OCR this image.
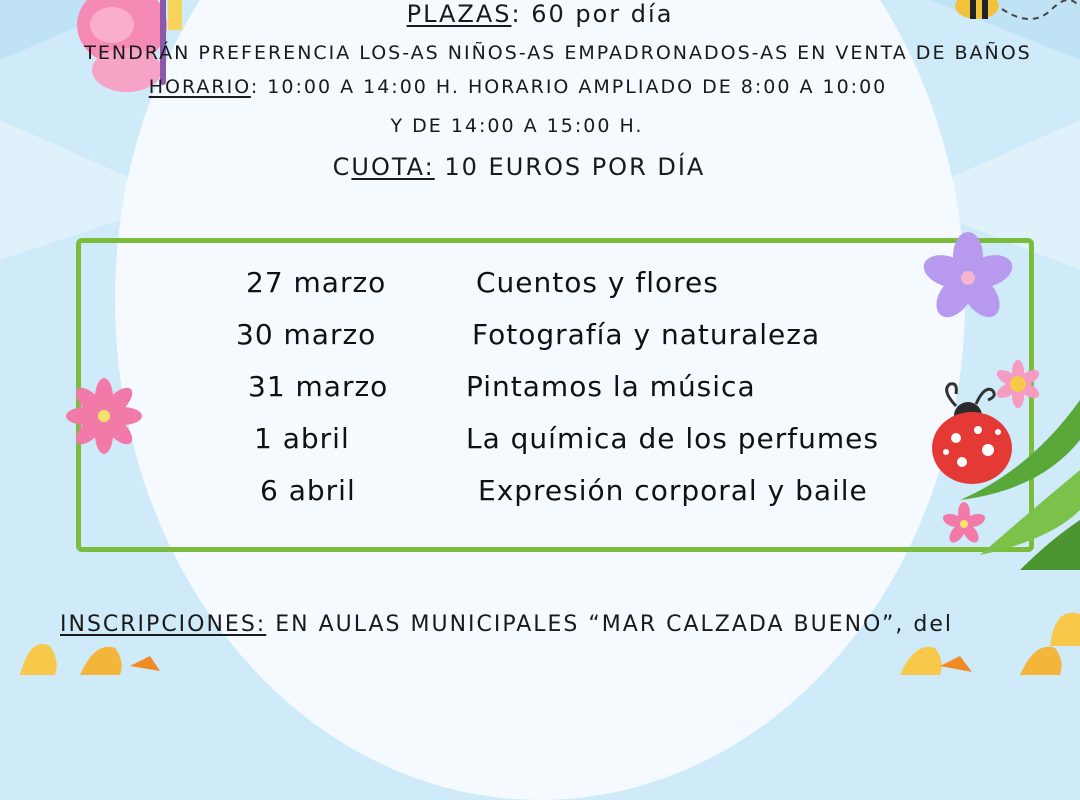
PLAZAS: 60 por día
TENDRÁN PREFERENCIA LOS-AS NIÑOS-AS EMPADRONADOS-AS EN VENTA DE BAÑOS
HORARIO: 10:00 A 14:00 H. HORARIO AMPLIADO DE 8:00 A 10:00
Y DE 14:00 A 15:00 H.
CUOTA: 10 EUROS POR DÍA
27 marzo	Cuentos y flores
30 marzo	Fotografía y naturaleza
31 marzo	Pintamos la música
1 abril	La química de los perfumes
6 abril	Expresión corporal y baile
INSCRIPCIONES: EN AULAS MUNICIPALES “MAR CALZADA BUENO”, del
